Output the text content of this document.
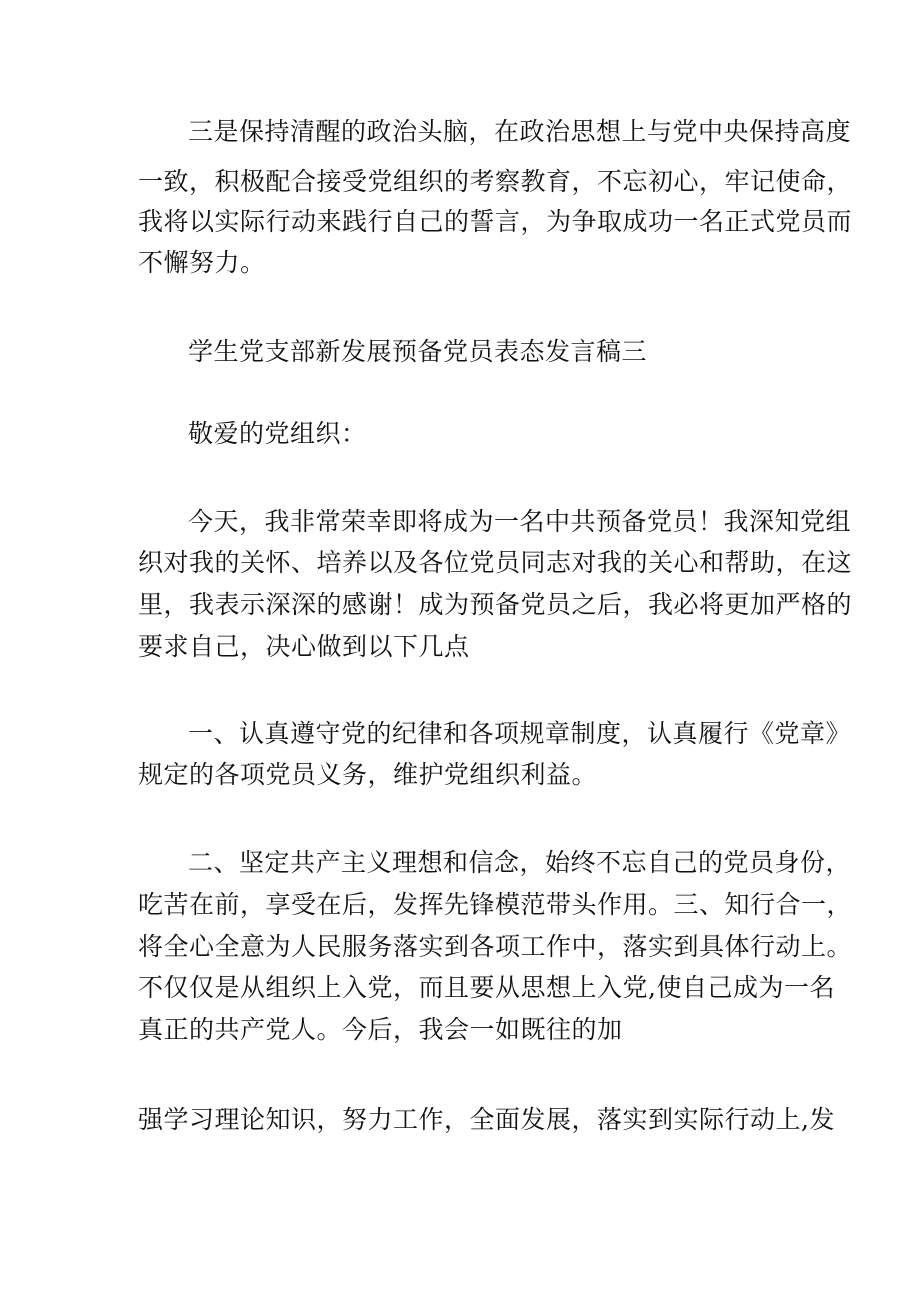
三是保持清醒的政治头脑，在政治思想上与党中央保持高度
一致，积极配合接受党组织的考察教育，不忘初心，牢记使命，
我将以实际行动来践行自己的誓言，为争取成功一名正式党员而
不懈努力。
学生党支部新发展预备党员表态发言稿三
敬爱的党组织：
今天，我非常荣幸即将成为一名中共预备党员！我深知党组
织对我的关怀、培养以及各位党员同志对我的关心和帮助，在这
里，我表示深深的感谢！成为预备党员之后，我必将更加严格的
要求自己，决心做到以下几点
一、认真遵守党的纪律和各项规章制度，认真履行《党章》
规定的各项党员义务，维护党组织利益。
二、坚定共产主义理想和信念，始终不忘自己的党员身份，
吃苦在前，享受在后，发挥先锋模范带头作用。三、知行合一，
将全心全意为人民服务落实到各项工作中，落实到具体行动上。
不仅仅是从组织上入党，而且要从思想上入党,使自己成为一名
真正的共产党人。今后，我会一如既往的加
强学习理论知识，努力工作，全面发展，落实到实际行动上,发
